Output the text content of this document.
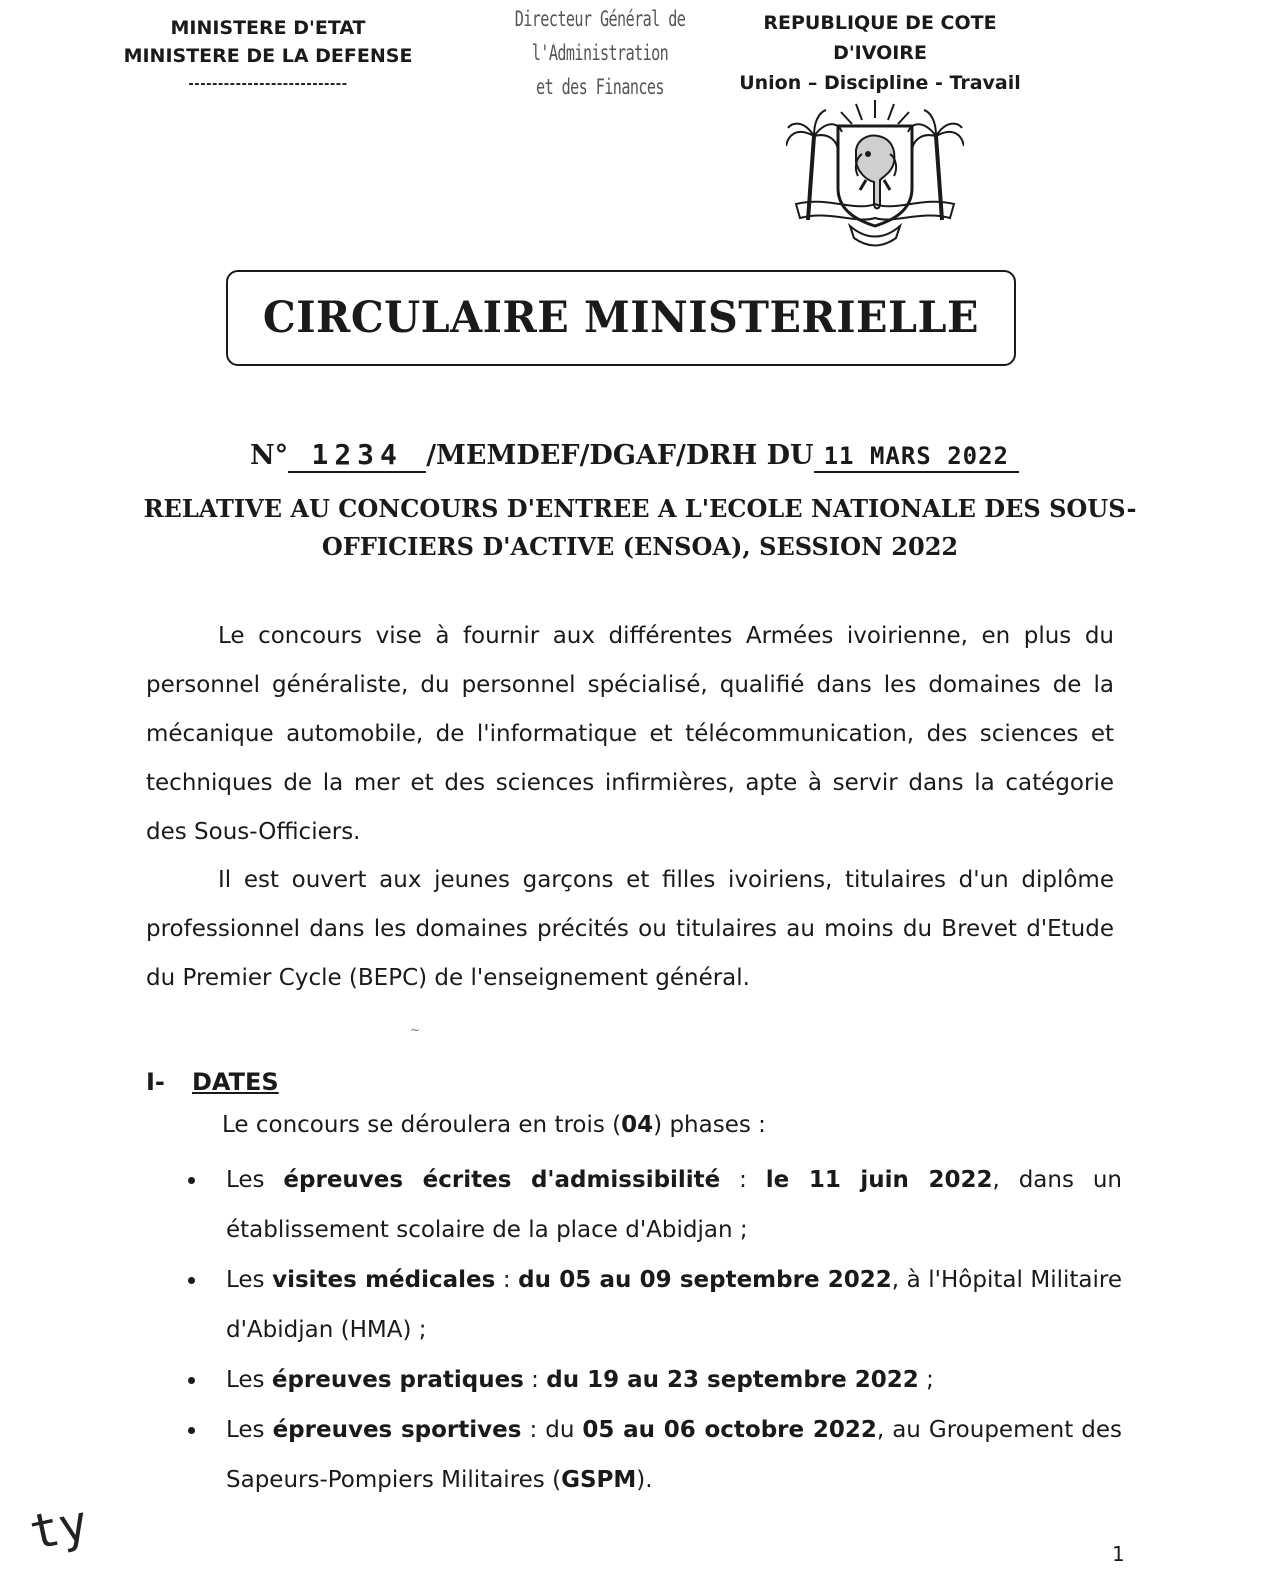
MINISTERE D'ETAT
MINISTERE DE LA DEFENSE
---------------------------
Directeur Général de l'Administration
et des Finances
REPUBLIQUE DE COTE D'IVOIRE
Union – Discipline - Travail
CIRCULAIRE MINISTERIELLE
N° 1234 /MEMDEF/DGAF/DRH DU 11 MARS 2022
RELATIVE AU CONCOURS D'ENTREE A L'ECOLE NATIONALE DES SOUS-
OFFICIERS D'ACTIVE (ENSOA), SESSION 2022

Le concours vise à fournir aux différentes Armées ivoirienne, en plus du personnel généraliste, du personnel spécialisé, qualifié dans les domaines de la mécanique automobile, de l'informatique et télécommunication, des sciences et techniques de la mer et des sciences infirmières, apte à servir dans la catégorie des Sous-Officiers.

Il est ouvert aux jeunes garçons et filles ivoiriens, titulaires d'un diplôme professionnel dans les domaines précités ou titulaires au moins du Brevet d'Etude du Premier Cycle (BEPC) de l'enseignement général.

~
I- DATES
Le concours se déroulera en trois (04) phases :
Les épreuves écrites d'admissibilité : le 11 juin 2022, dans un établissement scolaire de la place d'Abidjan ;
Les visites médicales : du 05 au 09 septembre 2022, à l'Hôpital Militaire d'Abidjan (HMA) ;
Les épreuves pratiques : du 19 au 23 septembre 2022 ;
Les épreuves sportives : du 05 au 06 octobre 2022, au Groupement des Sapeurs-Pompiers Militaires (GSPM).
ty	1
